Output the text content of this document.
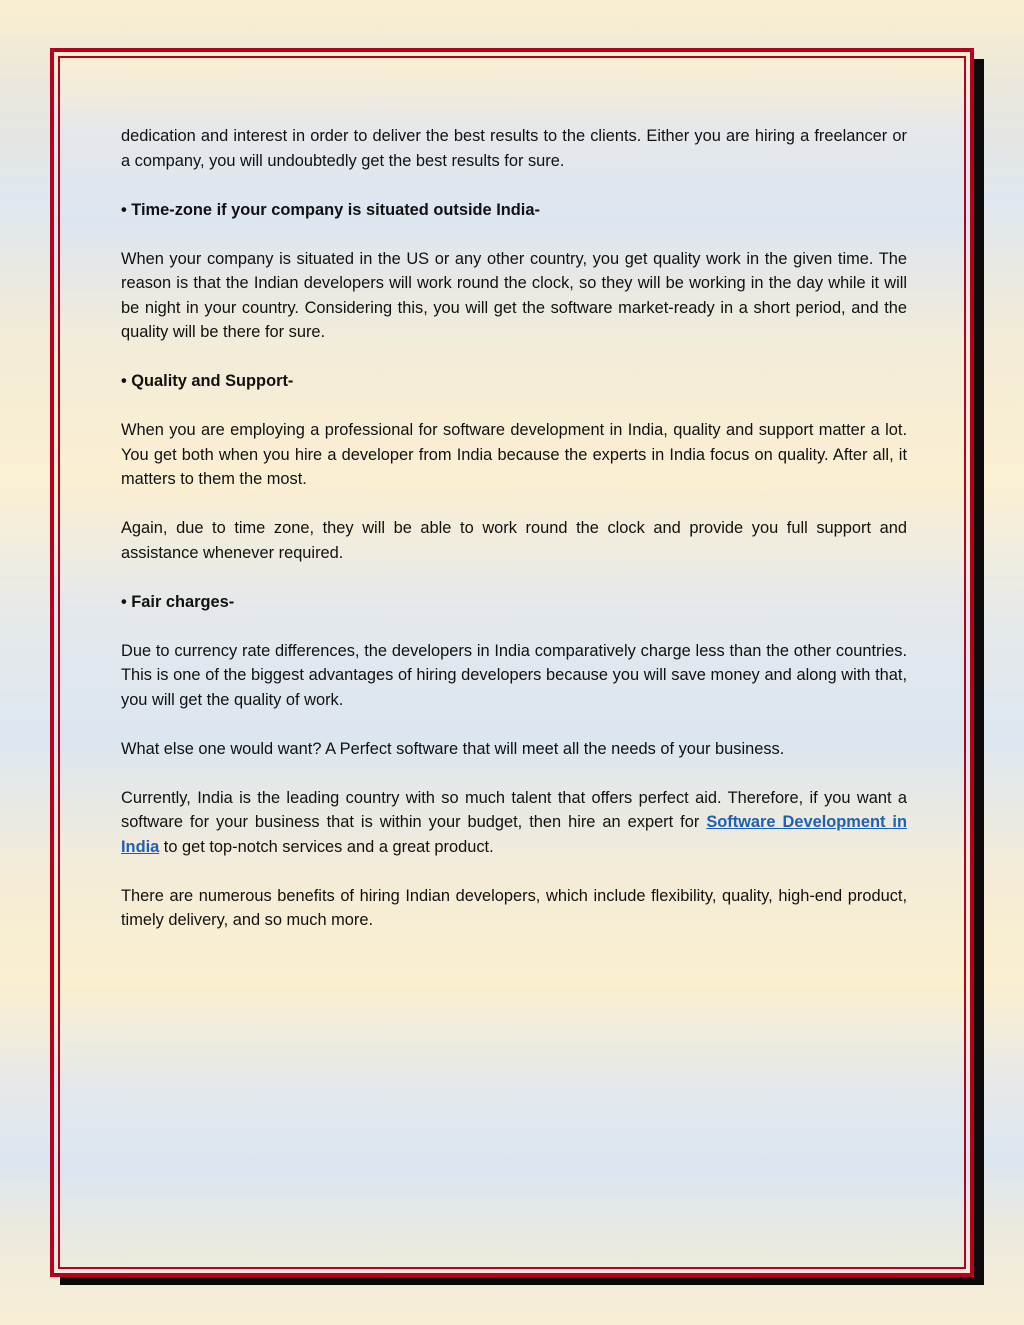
dedication and interest in order to deliver the best results to the clients. Either you are hiring a freelancer or a company, you will undoubtedly get the best results for sure.

• Time-zone if your company is situated outside India-

When your company is situated in the US or any other country, you get quality work in the given time. The reason is that the Indian developers will work round the clock, so they will be working in the day while it will be night in your country. Considering this, you will get the software market-ready in a short period, and the quality will be there for sure.

• Quality and Support-

When you are employing a professional for software development in India, quality and support matter a lot. You get both when you hire a developer from India because the experts in India focus on quality. After all, it matters to them the most.

Again, due to time zone, they will be able to work round the clock and provide you full support and assistance whenever required.

• Fair charges-

Due to currency rate differences, the developers in India comparatively charge less than the other countries. This is one of the biggest advantages of hiring developers because you will save money and along with that, you will get the quality of work.

What else one would want? A Perfect software that will meet all the needs of your business.

Currently, India is the leading country with so much talent that offers perfect aid. Therefore, if you want a software for your business that is within your budget, then hire an expert for Software Development in India to get top-notch services and a great product.

There are numerous benefits of hiring Indian developers, which include flexibility, quality, high-end product, timely delivery, and so much more.
